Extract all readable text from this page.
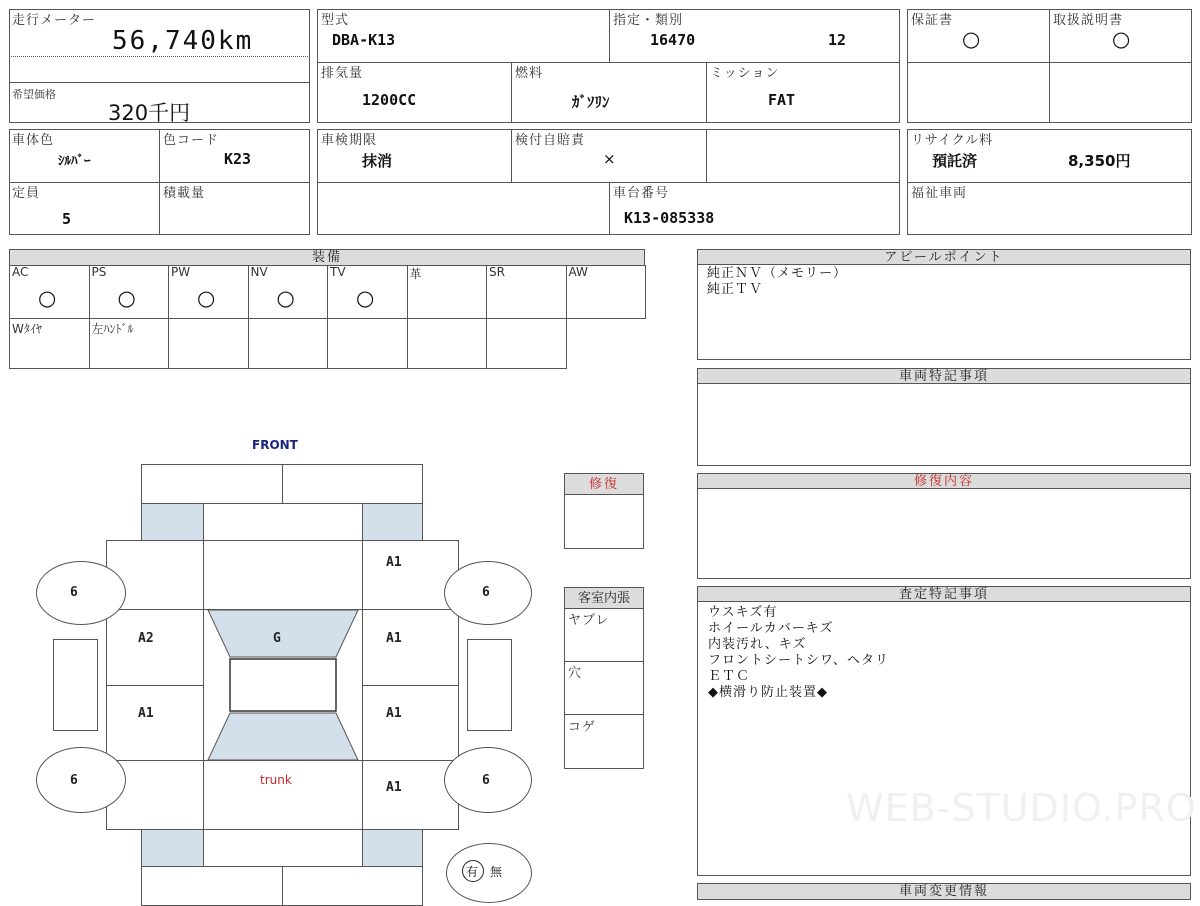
走行メーター
56,740km
希望価格
320千円
型式
DBA-K13
指定・類別
16470	12
排気量
1200CC
燃料
ｶﾞｿﾘﾝ
ミッション
FAT
保証書
○
取扱説明書
○
車体色
ｼﾙﾊﾞｰ
色コード
K23
定員
5
積載量
車検期限
抹消
検付自賠責
×
車台番号
K13-085338
リサイクル料
預託済	8,350円
福祉車両
装備
AC
○
PS
○
PW
○
NV
○
TV
○
革	SR	AW
Wﾀｲﾔ	左ﾊﾝﾄﾞﾙ
アピールポイント
純正ＮＶ（メモリー）
純正ＴＶ
車両特記事項
修復内容
査定特記事項
ウスキズ有
ホイールカバーキズ
内装汚れ、キズ
フロントシートシワ、ヘタリ
ＥＴＣ
◆横滑り防止装置◆
車両変更情報
WEB-STUDIO.PRO
修復
客室内張
ヤブレ
穴
コゲ
FRONT
6	6
6	6
A1
A2	G	A1
A1	A1
A1
trunk
有 無
